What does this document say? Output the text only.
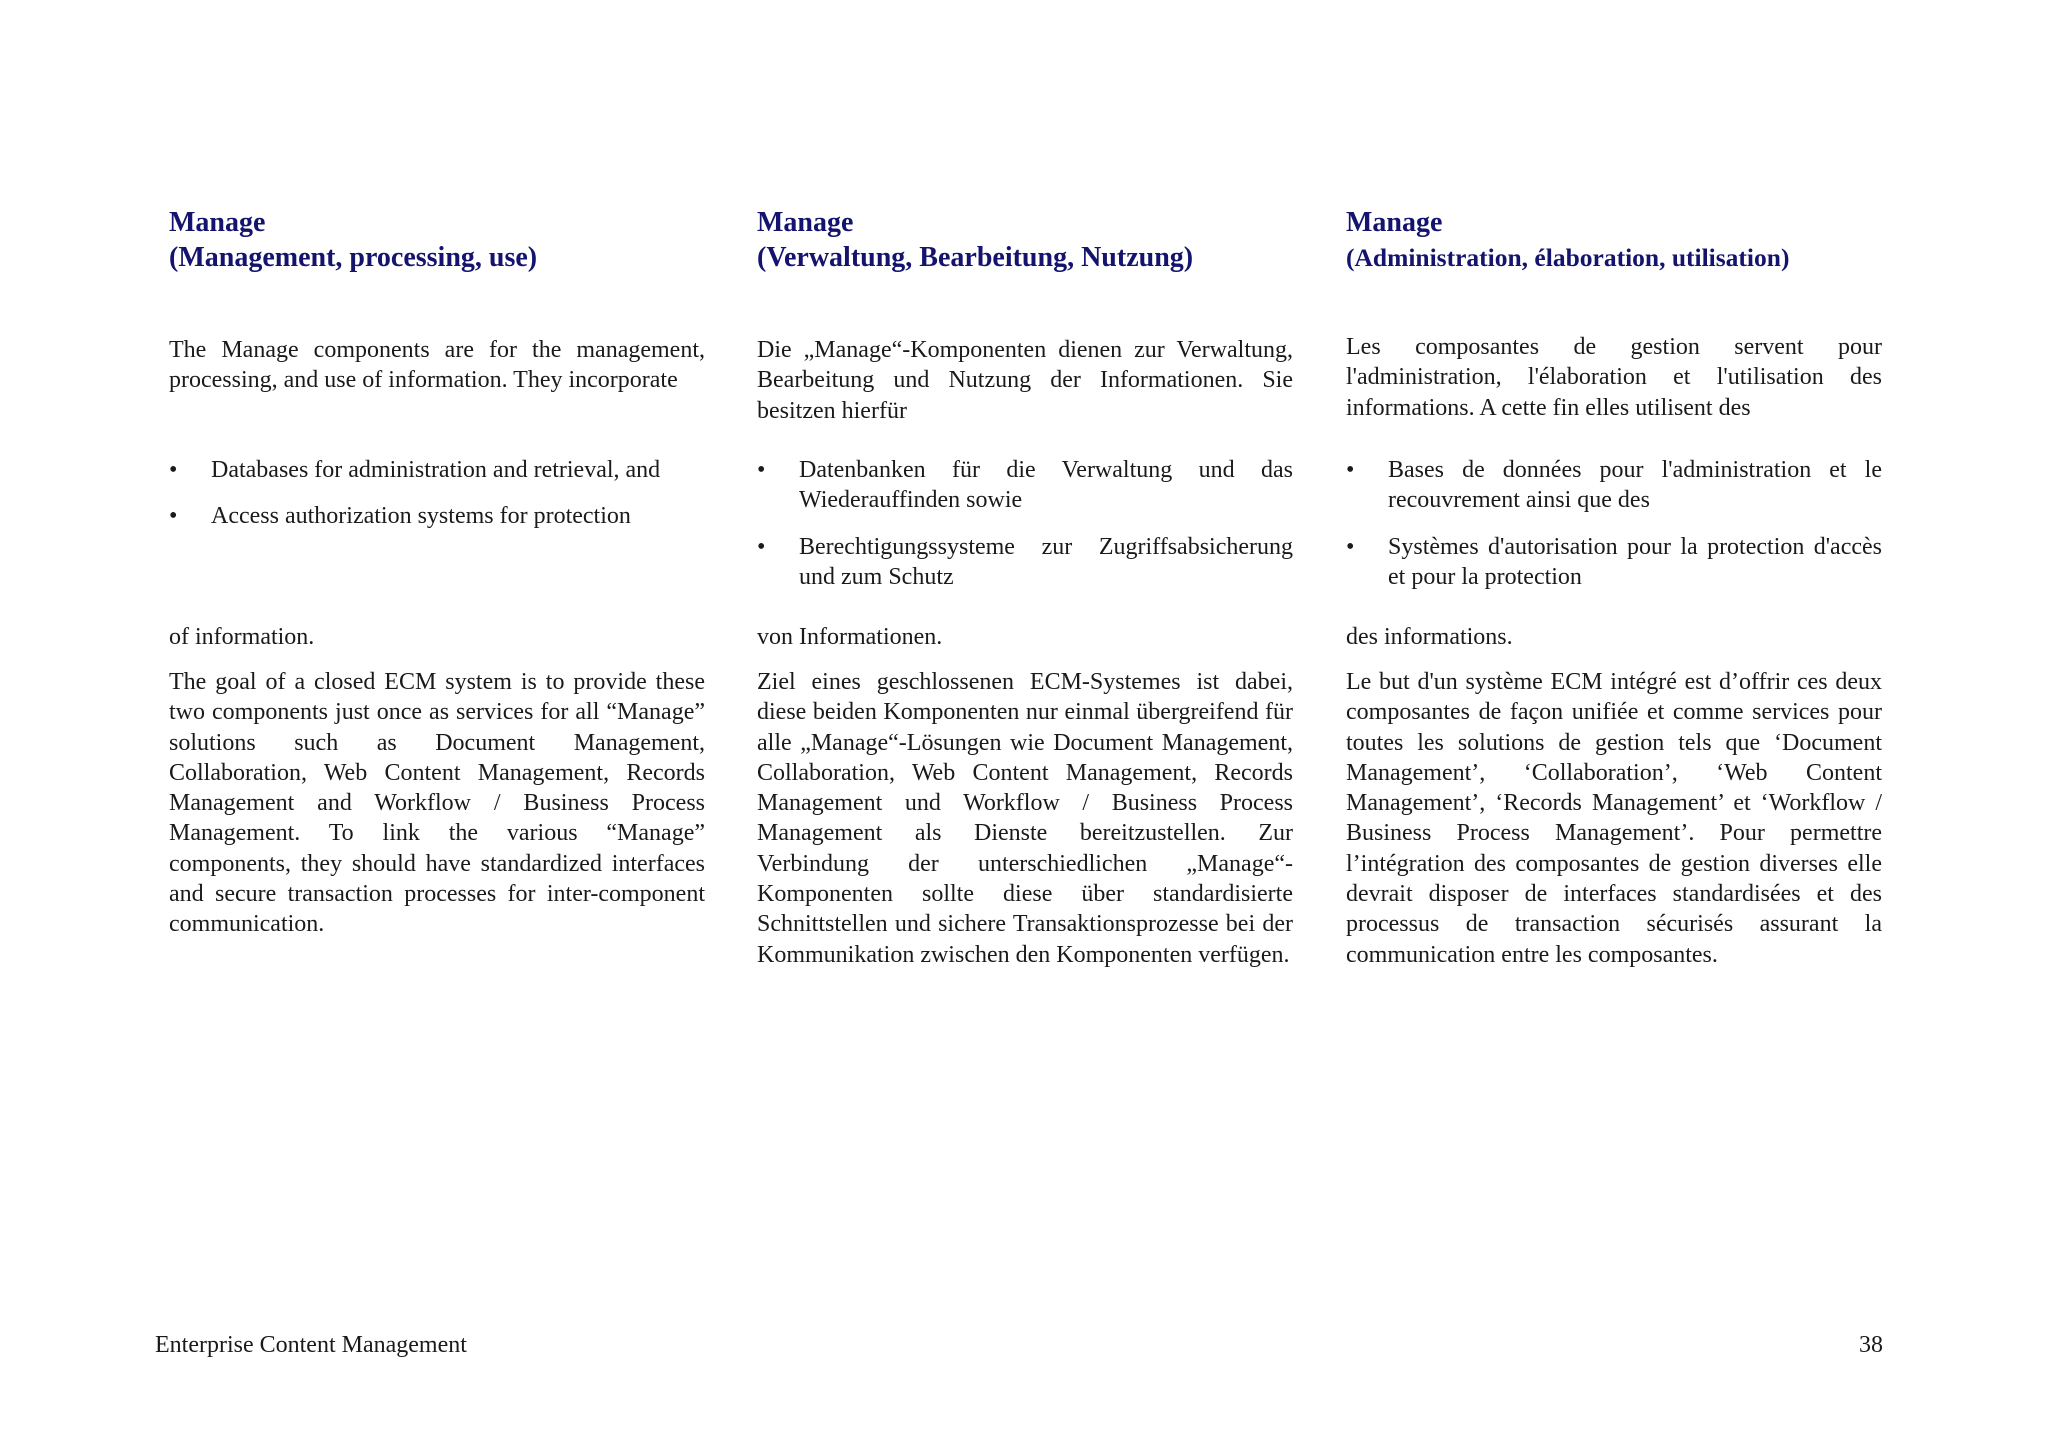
Manage
(Management, processing, use)

The Manage components are for the management, processing, and use of information. They incorporate

•	Databases for administration and retrieval, and
•	Access authorization systems for protection

of information.

The goal of a closed ECM system is to provide these two components just once as services for all “Manage” solutions such as Document Management, Collaboration, Web Content Management, Records Management and Workflow / Business Process Management. To link the various “Manage” components, they should have standardized interfaces and secure transaction processes for inter-component communication.

Manage
(Verwaltung, Bearbeitung, Nutzung)

Die „Manage“-Komponenten dienen zur Verwaltung, Bearbeitung und Nutzung der Informationen. Sie besitzen hierfür

•	Datenbanken für die Verwaltung und das Wiederauffinden sowie
•	Berechtigungssysteme zur Zugriffsabsicherung und zum Schutz

von Informationen.

Ziel eines geschlossenen ECM-Systemes ist dabei, diese beiden Komponenten nur einmal übergreifend für alle „Manage“-Lösungen wie Document Management, Collaboration, Web Content Management, Records Management und Workflow / Business Process Management als Dienste bereitzustellen. Zur Verbindung der unterschiedlichen „Manage“-Komponenten sollte diese über standardisierte Schnittstellen und sichere Transaktionsprozesse bei der Kommunikation zwischen den Komponenten verfügen.

Manage
(Administration, élaboration, utilisation)

Les composantes de gestion servent pour l'administration, l'élaboration et l'utilisation des informations. A cette fin elles utilisent des

•	Bases de données pour l'administration et le recouvrement ainsi que des
•	Systèmes d'autorisation pour la protection d'accès et pour la protection

des informations.

Le but d'un système ECM intégré est d’offrir ces deux composantes de façon unifiée et comme services pour toutes les solutions de gestion tels que ‘Document Management’, ‘Collaboration’, ‘Web Content Management’, ‘Records Management’ et ‘Workflow / Business Process Management’. Pour permettre l’intégration des composantes de gestion diverses elle devrait disposer de interfaces standardisées et des processus de transaction sécurisés assurant la communication entre les composantes.

Enterprise Content Management	38
